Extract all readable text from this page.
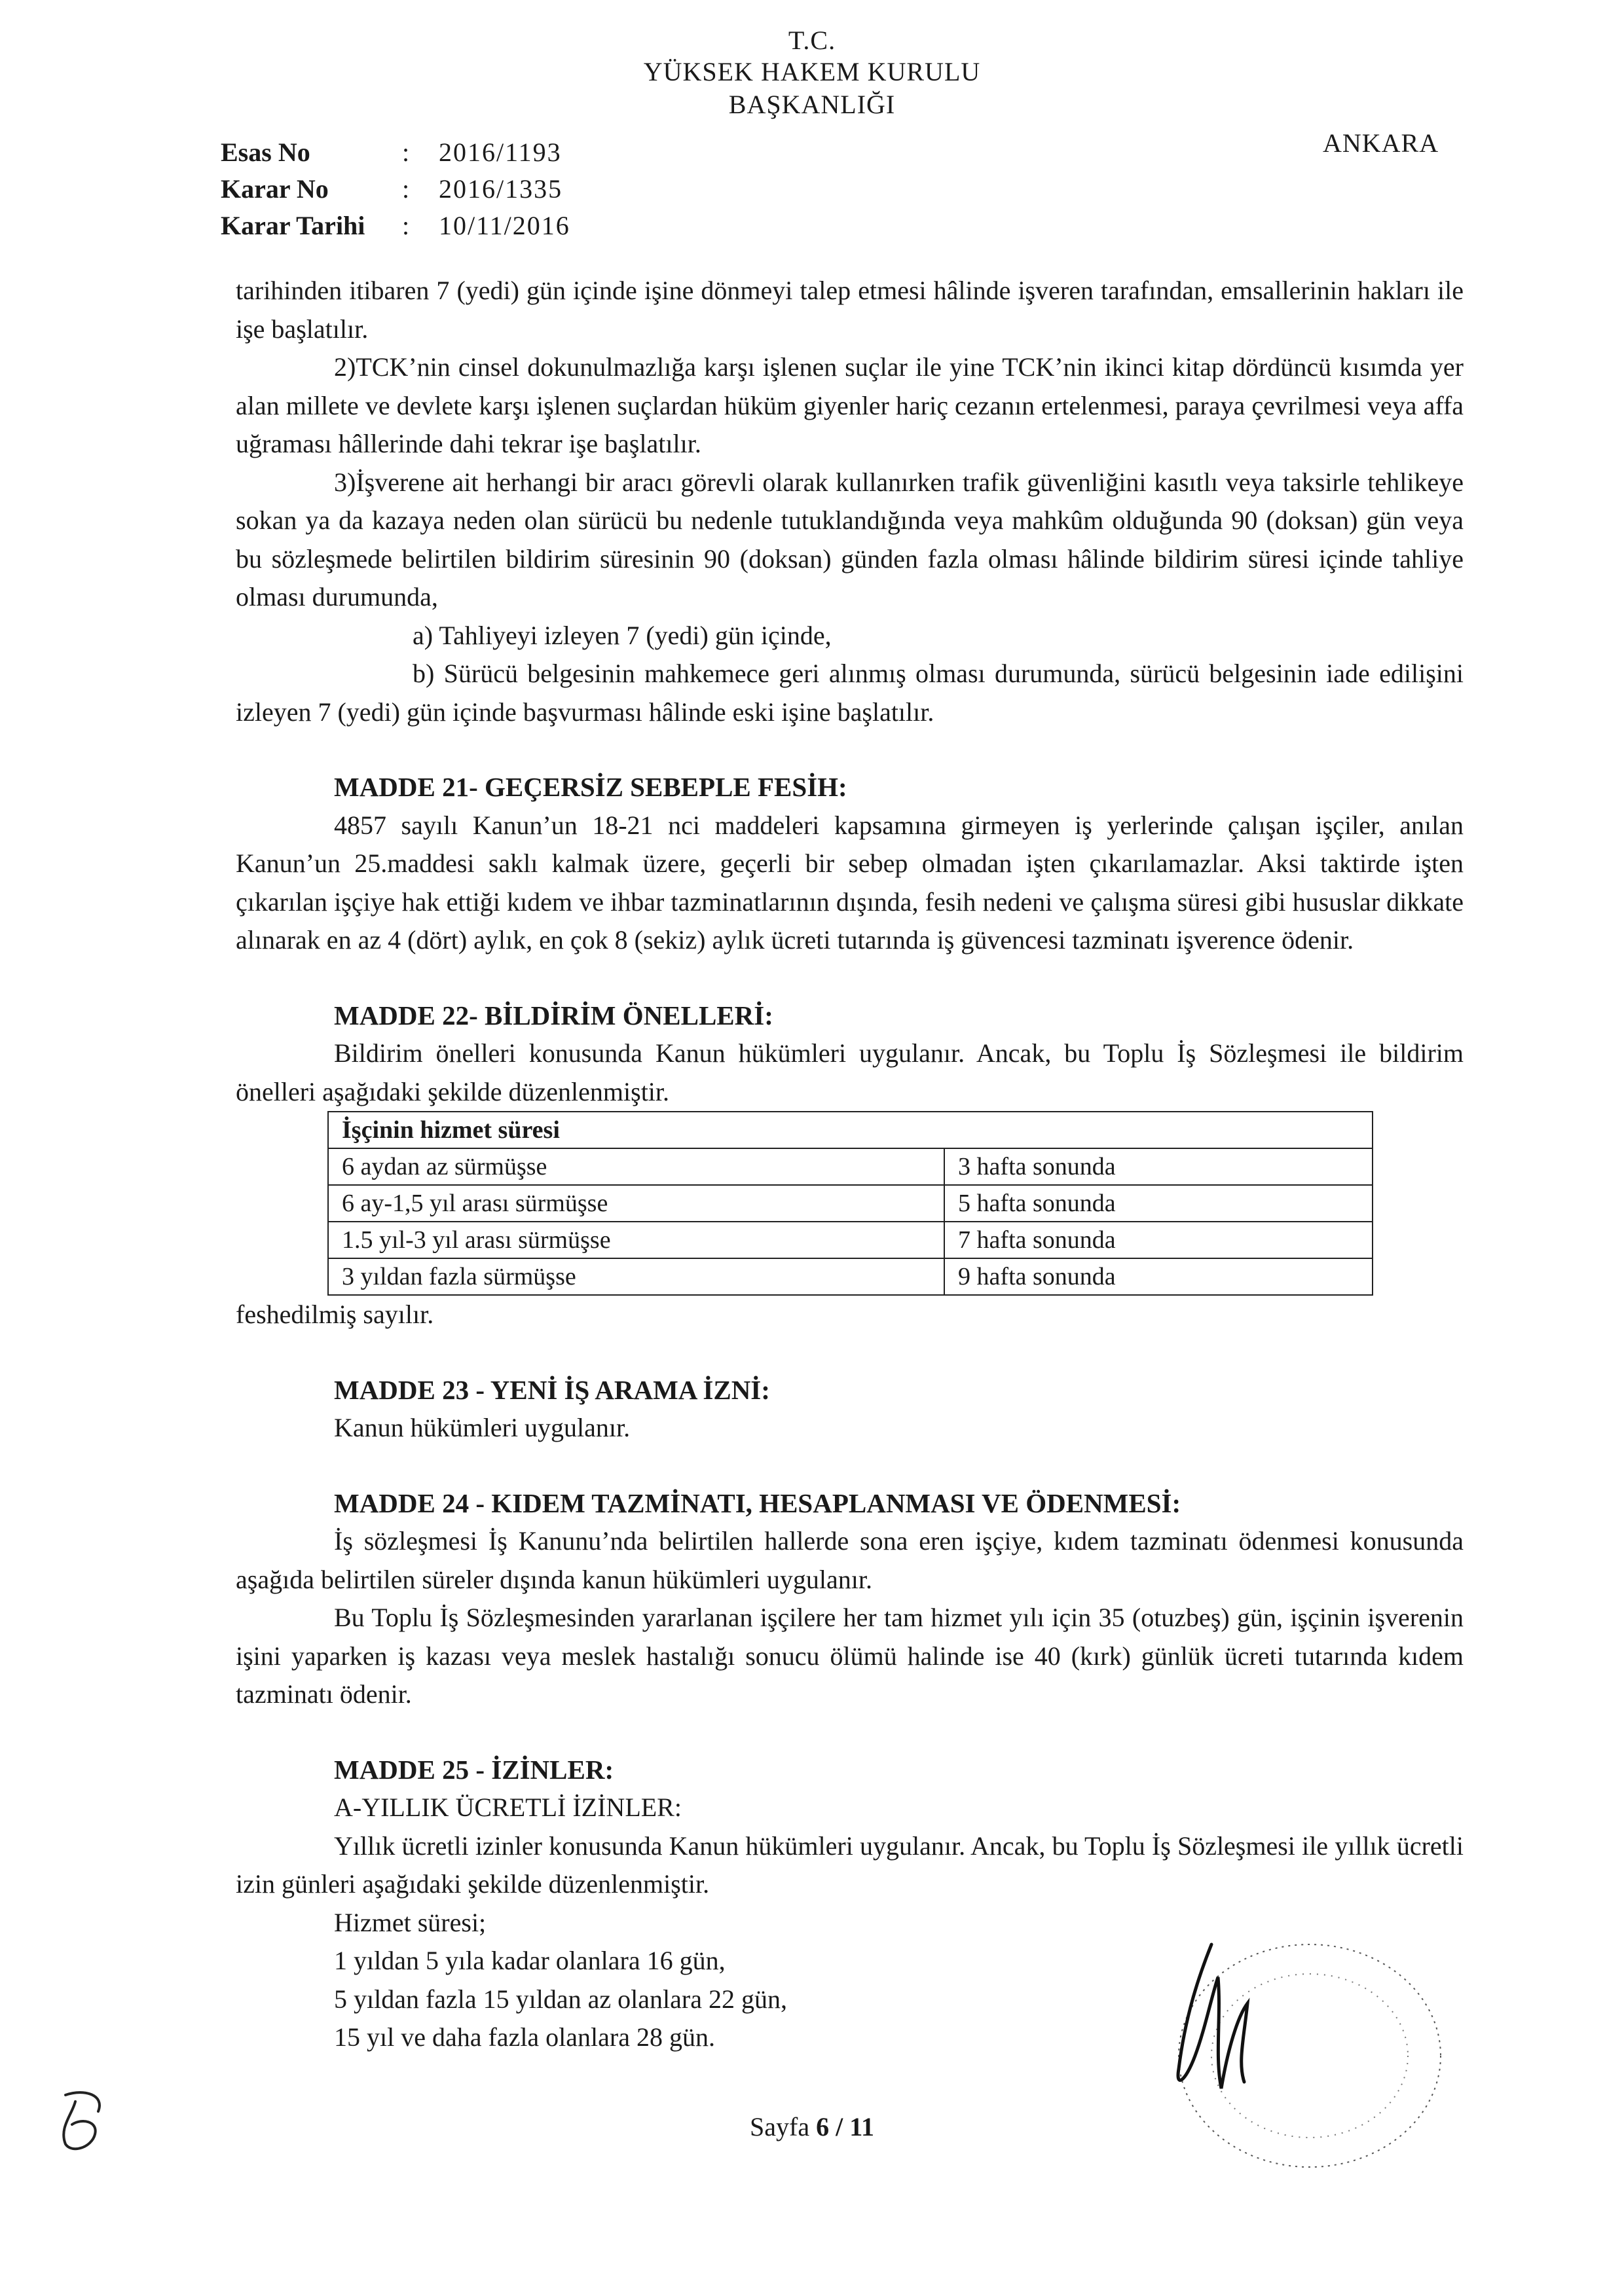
T.C.
YÜKSEK HAKEM KURULU
BAŞKANLIĞI
ANKARA
Esas No	:	2016/1193
Karar No	:	2016/1335
Karar Tarihi	:	10/11/2016

tarihinden itibaren 7 (yedi) gün içinde işine dönmeyi talep etmesi hâlinde işveren tarafından, emsallerinin hakları ile işe başlatılır.

2)TCK’nin cinsel dokunulmazlığa karşı işlenen suçlar ile yine TCK’nin ikinci kitap dördüncü kısımda yer alan millete ve devlete karşı işlenen suçlardan hüküm giyenler hariç cezanın ertelenmesi, paraya çevrilmesi veya affa uğraması hâllerinde dahi tekrar işe başlatılır.

3)İşverene ait herhangi bir aracı görevli olarak kullanırken trafik güvenliğini kasıtlı veya taksirle tehlikeye sokan ya da kazaya neden olan sürücü bu nedenle tutuklandığında veya mahkûm olduğunda 90 (doksan) gün veya bu sözleşmede belirtilen bildirim süresinin 90 (doksan) günden fazla olması hâlinde bildirim süresi içinde tahliye olması durumunda,

a) Tahliyeyi izleyen 7 (yedi) gün içinde,

b) Sürücü belgesinin mahkemece geri alınmış olması durumunda, sürücü belgesinin iade edilişini izleyen 7 (yedi) gün içinde başvurması hâlinde eski işine başlatılır.

MADDE 21- GEÇERSİZ SEBEPLE FESİH:

4857 sayılı Kanun’un 18-21 nci maddeleri kapsamına girmeyen iş yerlerinde çalışan işçiler, anılan Kanun’un 25.maddesi saklı kalmak üzere, geçerli bir sebep olmadan işten çıkarılamazlar. Aksi taktirde işten çıkarılan işçiye hak ettiği kıdem ve ihbar tazminatlarının dışında, fesih nedeni ve çalışma süresi gibi hususlar dikkate alınarak en az 4 (dört) aylık, en çok 8 (sekiz) aylık ücreti tutarında iş güvencesi tazminatı işverence ödenir.

MADDE 22- BİLDİRİM ÖNELLERİ:

Bildirim önelleri konusunda Kanun hükümleri uygulanır. Ancak, bu Toplu İş Sözleşmesi ile bildirim önelleri aşağıdaki şekilde düzenlenmiştir.

İşçinin hizmet süresi	
6 aydan az sürmüşse	3 hafta sonunda
6 ay-1,5 yıl arası sürmüşse	5 hafta sonunda
1.5 yıl-3 yıl arası sürmüşse	7 hafta sonunda
3 yıldan fazla sürmüşse	9 hafta sonunda

feshedilmiş sayılır.

MADDE 23 - YENİ İŞ ARAMA İZNİ:

Kanun hükümleri uygulanır.

MADDE 24 - KIDEM TAZMİNATI, HESAPLANMASI VE ÖDENMESİ:

İş sözleşmesi İş Kanunu’nda belirtilen hallerde sona eren işçiye, kıdem tazminatı ödenmesi konusunda aşağıda belirtilen süreler dışında kanun hükümleri uygulanır.

Bu Toplu İş Sözleşmesinden yararlanan işçilere her tam hizmet yılı için 35 (otuzbeş) gün, işçinin işverenin işini yaparken iş kazası veya meslek hastalığı sonucu ölümü halinde ise 40 (kırk) günlük ücreti tutarında kıdem tazminatı ödenir.

MADDE 25 - İZİNLER:

A-YILLIK ÜCRETLİ İZİNLER:

Yıllık ücretli izinler konusunda Kanun hükümleri uygulanır. Ancak, bu Toplu İş Sözleşmesi ile yıllık ücretli izin günleri aşağıdaki şekilde düzenlenmiştir.

Hizmet süresi;

1 yıldan 5 yıla kadar olanlara 16 gün,

5 yıldan fazla 15 yıldan az olanlara 22 gün,

15 yıl ve daha fazla olanlara 28 gün.

Sayfa 6 / 11
